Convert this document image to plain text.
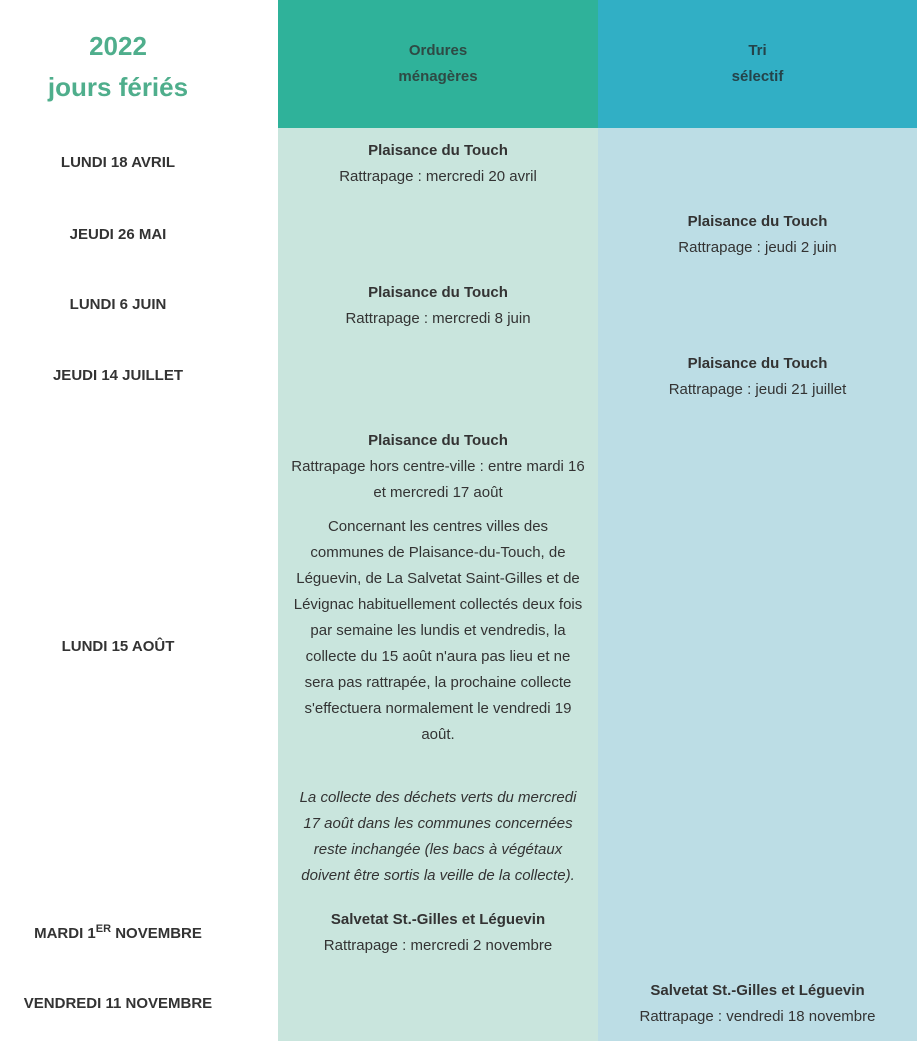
2022
jours fériés
Ordures
ménagères
Tri
sélectif
LUNDI 18 AVRIL
Plaisance du Touch
Rattrapage : mercredi 20 avril
JEUDI 26 MAI
Plaisance du Touch
Rattrapage : jeudi 2 juin
LUNDI 6 JUIN
Plaisance du Touch
Rattrapage : mercredi 8 juin
JEUDI 14 JUILLET
Plaisance du Touch
Rattrapage : jeudi 21 juillet
LUNDI 15 AOÛT
Plaisance du Touch
Rattrapage hors centre-ville : entre mardi 16 et mercredi 17 août
Concernant les centres villes des communes de Plaisance-du-Touch, de Léguevin, de La Salvetat Saint-Gilles et de Lévignac habituellement collectés deux fois par semaine les lundis et vendredis, la collecte du 15 août n'aura pas lieu et ne sera pas rattrapée, la prochaine collecte s'effectuera normalement le vendredi 19 août.
La collecte des déchets verts du mercredi 17 août dans les communes concernées reste inchangée (les bacs à végétaux doivent être sortis la veille de la collecte).
MARDI 1ER NOVEMBRE
Salvetat St.-Gilles et Léguevin
Rattrapage : mercredi 2 novembre
VENDREDI 11 NOVEMBRE
Salvetat St.-Gilles et Léguevin
Rattrapage : vendredi 18 novembre
